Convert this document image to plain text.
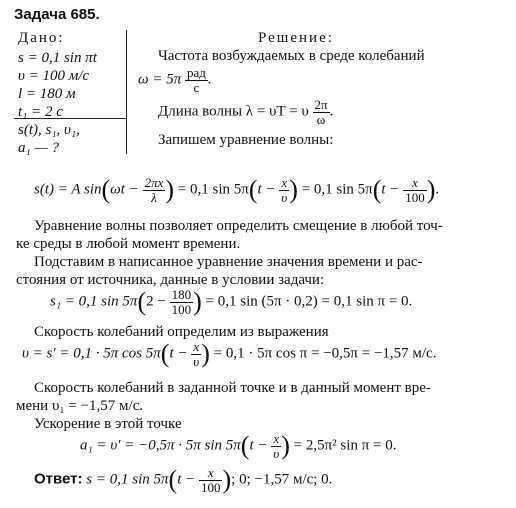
Задача 685.
Дано:
s = 0,1 sin πt
υ = 100 м/с
l = 180 м
t₁ = 2 с
s(t), s₁, υ₁,
a₁ — ?
Решение:
Частота возбуждаемых в среде колебаний
$\omega = 5\pi \frac{\text{рад}}{с}$ .
Длина волны λ = υT = υ $\frac{2\pi}{\omega}$ .
Запишем уравнение волны:
s(t) = A $\sin(\omega t - \frac{2\pi x}{\lambda}$ ) = 0,1 $\sin 5\pi(t - \frac{x}{\upsilon}$ ) = 0,1 $\sin 5\pi(t - \frac{x}{100}$ ).
Уравнение волны позволяет определить смещение в любой точ-
ке среды в любой момент времени.
Подставим в написанное уравнение значения времени и рас-
стояния от источника, данные в условии задачи:
s₁ = 0,1 $\sin 5\pi(2 - \frac{180}{100}$ ) = 0,1 sin (5π · 0,2) = 0,1 sin π = 0.
Скорость колебаний определим из выражения
υ = s′ = 0,1 · 5π $\cos 5\pi(t - \frac{x}{\upsilon}$ ) = 0,1 · 5π cos π = −0,5π = −1,57 м/с.
Скорость колебаний в заданной точке и в данный момент вре-
мени υ₁ = −1,57 м/с.
Ускорение в этой точке
a₁ = υ′ = −0,5π · 5π $\sin 5\pi(t - \frac{x}{\upsilon}$ ) = 2,5π² sin π = 0.
Ответ: s = 0,1 $\sin 5\pi(t - \frac{x}{100}$ ); 0; −1,57 м/с; 0.
